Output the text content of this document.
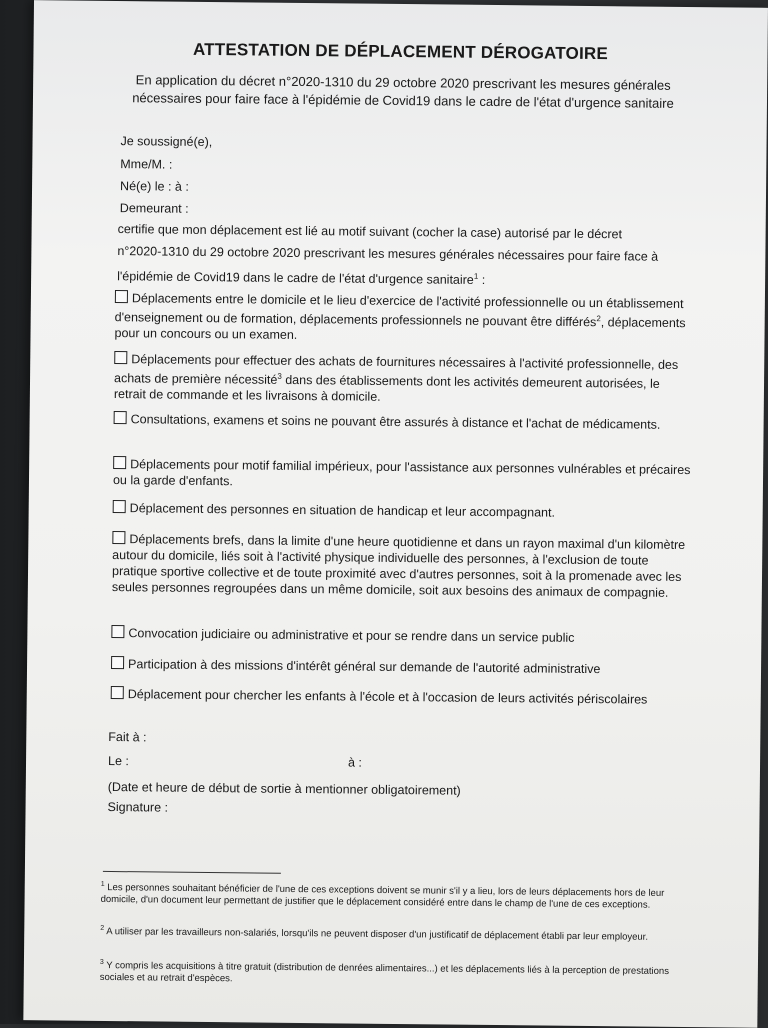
ATTESTATION DE DÉPLACEMENT DÉROGATOIRE
En application du décret n°2020-1310 du 29 octobre 2020 prescrivant les mesures générales
nécessaires pour faire face à l'épidémie de Covid19 dans le cadre de l'état d'urgence sanitaire
Je soussigné(e),
Mme/M. :
Né(e) le : à :
Demeurant :
certifie que mon déplacement est lié au motif suivant (cocher la case) autorisé par le décret
n°2020-1310 du 29 octobre 2020 prescrivant les mesures générales nécessaires pour faire face à
l'épidémie de Covid19 dans le cadre de l'état d'urgence sanitaire$^1$ :
Déplacements entre le domicile et le lieu d'exercice de l'activité professionnelle ou un établissement d'enseignement ou de formation, déplacements professionnels ne pouvant être différés$^2$, déplacements pour un concours ou un examen.
Déplacements pour effectuer des achats de fournitures nécessaires à l'activité professionnelle, des achats de première nécessité$^3$ dans des établissements dont les activités demeurent autorisées, le retrait de commande et les livraisons à domicile.
Consultations, examens et soins ne pouvant être assurés à distance et l'achat de médicaments.
Déplacements pour motif familial impérieux, pour l'assistance aux personnes vulnérables et précaires ou la garde d'enfants.
Déplacement des personnes en situation de handicap et leur accompagnant.
Déplacements brefs, dans la limite d'une heure quotidienne et dans un rayon maximal d'un kilomètre autour du domicile, liés soit à l'activité physique individuelle des personnes, à l'exclusion de toute pratique sportive collective et de toute proximité avec d'autres personnes, soit à la promenade avec les seules personnes regroupées dans un même domicile, soit aux besoins des animaux de compagnie.
Convocation judiciaire ou administrative et pour se rendre dans un service public
Participation à des missions d'intérêt général sur demande de l'autorité administrative
Déplacement pour chercher les enfants à l'école et à l'occasion de leurs activités périscolaires
Fait à :
Le :	à :
(Date et heure de début de sortie à mentionner obligatoirement)
Signature :
$^1$ Les personnes souhaitant bénéficier de l'une de ces exceptions doivent se munir s'il y a lieu, lors de leurs déplacements hors de leur domicile, d'un document leur permettant de justifier que le déplacement considéré entre dans le champ de l'une de ces exceptions.
$^2$ A utiliser par les travailleurs non-salariés, lorsqu'ils ne peuvent disposer d'un justificatif de déplacement établi par leur employeur.
$^3$ Y compris les acquisitions à titre gratuit (distribution de denrées alimentaires...) et les déplacements liés à la perception de prestations sociales et au retrait d'espèces.
